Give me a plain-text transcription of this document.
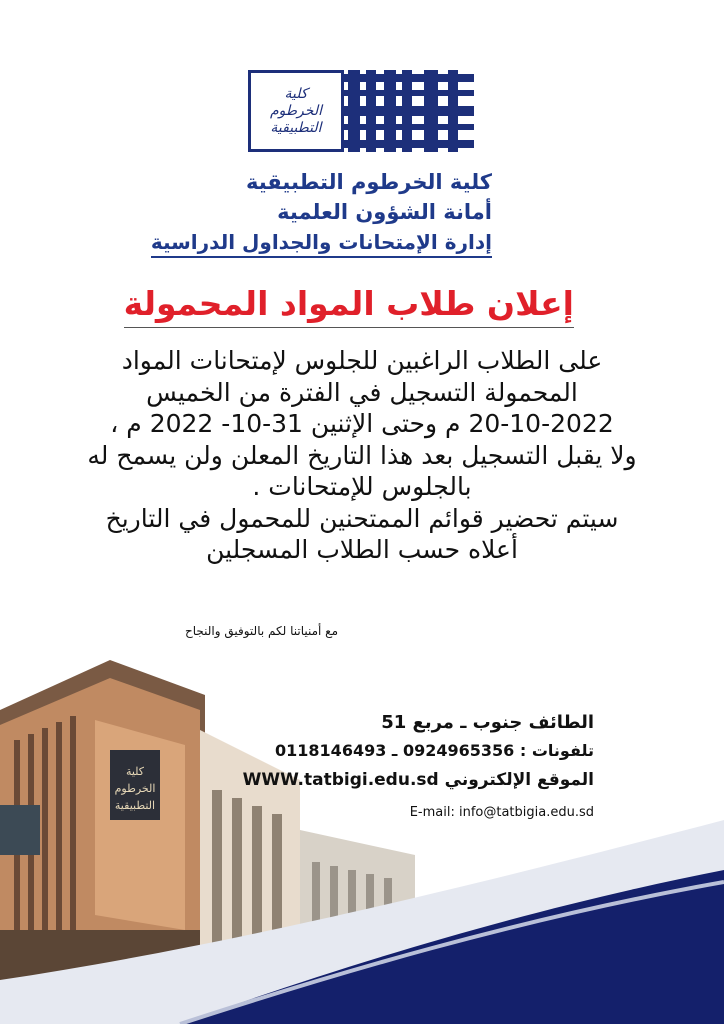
كلية
الخرطوم
التطبيقية
كلية الخرطوم التطبيقية
أمانة الشؤون العلمية
إدارة الإمتحانات والجداول الدراسية
إعلان طلاب المواد المحمولة
على الطلاب الراغبين للجلوس لإمتحانات المواد
المحمولة التسجيل في الفترة من الخميس
20-10-2022 م وحتى الإثنين 31-10- 2022 م ،
ولا يقبل التسجيل بعد هذا التاريخ المعلن ولن يسمح له
بالجلوس للإمتحانات .
سيتم تحضير قوائم الممتحنين للمحمول في التاريخ
أعلاه حسب الطلاب المسجلين
مع أمنياتنا لكم بالتوفيق والنجاح
كلية
الخرطوم
التطبيقية
الطائف جنوب ـ مربع 51
تلفونات : 0924965356 ـ 0118146493
الموقع الإلكتروني WWW.tatbigi.edu.sd
E-mail: info@tatbigia.edu.sd
